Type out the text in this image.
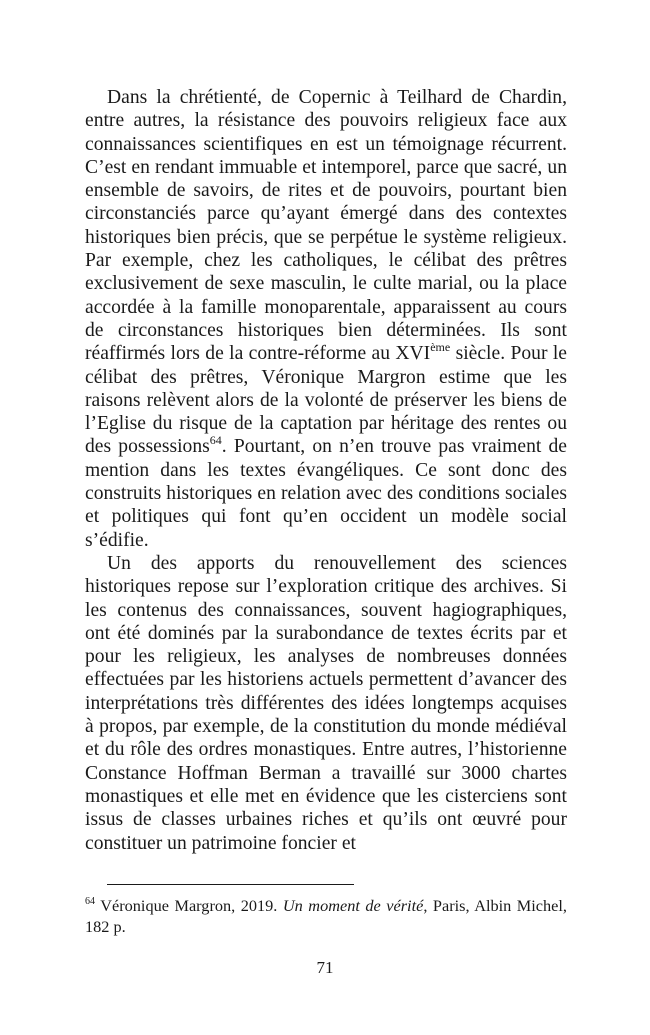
Dans la chrétienté, de Copernic à Teilhard de Chardin, entre autres, la résistance des pouvoirs religieux face aux connaissances scientifiques en est un témoignage récurrent. C’est en rendant immuable et intemporel, parce que sacré, un ensemble de savoirs, de rites et de pouvoirs, pourtant bien circonstanciés parce qu’ayant émergé dans des contextes historiques bien précis, que se perpétue le système religieux. Par exemple, chez les catholiques, le célibat des prêtres exclusivement de sexe masculin, le culte marial, ou la place accordée à la famille monoparentale, apparaissent au cours de circonstances historiques bien déterminées. Ils sont réaffirmés lors de la contre-réforme au XVIème siècle. Pour le célibat des prêtres, Véronique Margron estime que les raisons relèvent alors de la volonté de préserver les biens de l’Eglise du risque de la captation par héritage des rentes ou des possessions$^{64}$. Pourtant, on n’en trouve pas vraiment de mention dans les textes évangéliques. Ce sont donc des construits historiques en relation avec des conditions sociales et politiques qui font qu’en occident un modèle social s’édifie.

Un des apports du renouvellement des sciences historiques repose sur l’exploration critique des archives. Si les contenus des connaissances, souvent hagiographiques, ont été dominés par la surabondance de textes écrits par et pour les religieux, les analyses de nombreuses données effectuées par les historiens actuels permettent d’avancer des interprétations très différentes des idées longtemps acquises à propos, par exemple, de la constitution du monde médiéval et du rôle des ordres monastiques. Entre autres, l’historienne Constance Hoffman Berman a travaillé sur 3000 chartes monastiques et elle met en évidence que les cisterciens sont issus de classes urbaines riches et qu’ils ont œuvré pour constituer un patrimoine foncier et

$^{64}$ Véronique Margron, 2019. Un moment de vérité, Paris, Albin Michel, 182 p.

71
